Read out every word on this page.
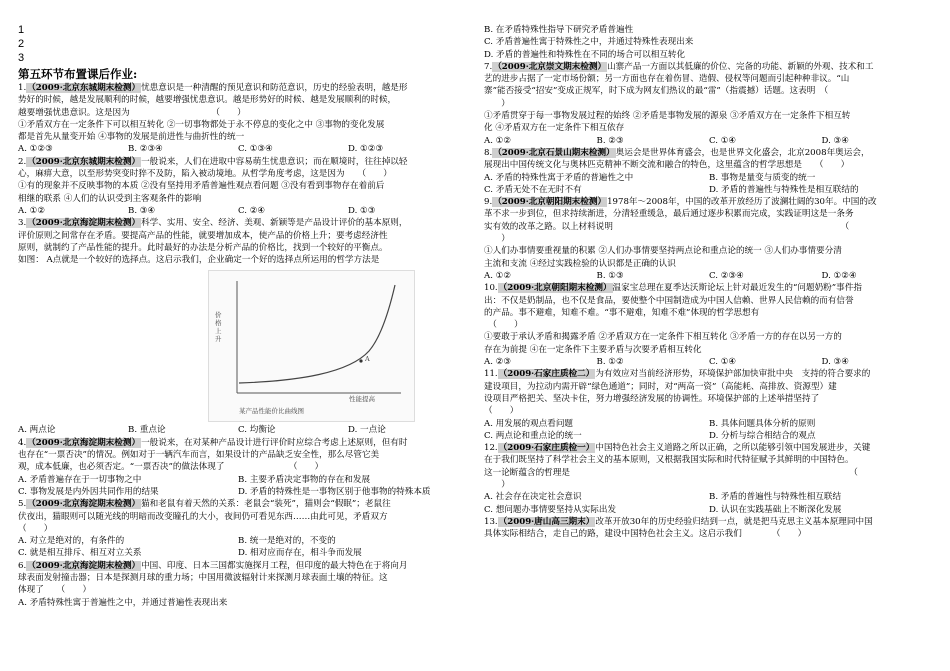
1
2
3
第五环节布置课后作业:
1.（2009·北京东城期末检测）忧患意识是一种清醒的预见意识和防范意识，历史的经验表明，越是形
势好的时候，越是发展顺利的时候，越要增强忧患意识。越是形势好的时候、越是发展顺利的时候，
越要增强忧患意识。这是因为　　　　　　　　　　（　　）
①矛盾双方在一定条件下可以相互转化 ②一切事物都处于永不停息的变化之中 ③事物的变化发展
都是首先从量变开始 ④事物的发展是前进性与曲折性的统一
A. ①②③	B. ②③④	C. ①③④	D. ①②③
2.（2009·北京东城期末检测）一般说来，人们在进取中容易萌生忧患意识；而在顺境时，往往掉以轻
心，麻痹大意，以至形势突变时猝不及防，陷入被动境地。从哲学角度考虑，这是因为　　（　　）
①有的现象并不反映事物的本质 ②没有坚持用矛盾普遍性观点看问题 ③没有看到事物存在着前后
相继的联系 ④人们的认识受到主客观条件的影响
A. ①②	B. ③④	C. ②④	D. ①③
3.（2009·北京海淀期末检测）科学、实用、安全、经济、美观、新颖等是产品设计评价的基本原则，
评价原则之间常存在矛盾。要提高产品的性能，就要增加成本，使产品的价格上升；要考虑经济性
原则，就制约了产品性能的提升。此时最好的办法是分析产品的价格比，找到一个较好的平衡点。
如图： A点就是一个较好的选择点。这启示我们，企业确定一个好的选择点所运用的哲学方法是
价格上升
性能提高
A
某产品性能价比曲线图
A. 两点论	B. 重点论	C. 均衡论	D. 一点论
4.（2009·北京海淀期末检测）一般说来，在对某种产品设计进行评价时应综合考虑上述原则，但有时
也存在“一票否决”的情况。例如对于一辆汽车而言，如果设计的产品缺乏安全性，那么尽管它美
观，成本低廉，也必须否定。“一票否决”的做法体现了　　　　　　　　（　　）
A. 矛盾普遍存在于一切事物之中	B. 主要矛盾决定事物的存在和发展
C. 事物发展是内外因共同作用的结果	D. 矛盾的特殊性是一事物区别于他事物的特殊本质
5.（2009·北京海淀期末检测）猫和老鼠有着天然的关系：老鼠会“装死”，猫则会“假眠”；老鼠往
伏夜出，猫眼则可以随光线的明暗而改变瞳孔的大小，夜间仍可看见东西……由此可见，矛盾双方
（　　）
A. 对立是绝对的，有条件的	B. 统一是绝对的，不变的
C. 就是相互排斥、相互对立关系	D. 相对应而存在，相斗争而发展
6.（2009·北京海淀期末检测）中国、印度、日本三国都实施探月工程，但印度的最大特色在于将向月
球表面发射撞击器；日本是探测月球的重力场；中国用微波辐射计来探测月球表面土壤的特征。这
体现了　　（　　）
A. 矛盾特殊性寓于普遍性之中，并通过普遍性表现出来
B. 在矛盾特殊性指导下研究矛盾普遍性
C. 矛盾普遍性寓于特殊性之中，并通过特殊性表现出来
D. 矛盾的普遍性和特殊性在不同的场合可以相互转化
7.（2009·北京崇文期末检测）山寨产品一方面以其低廉的价位、完备的功能、新颖的外观、技术和工
艺的进步占据了一定市场份额；另一方面也存在着伤冒、造假、侵权等问题而引起种种非议。“山
寨”能否接受“招安”变成正规军，时下成为网友们热议的最“雷”（指震撼）话题。这表明　（
　　）
①矛盾贯穿于每一事物发展过程的始终 ②矛盾是事物发展的源泉 ③矛盾双方在一定条件下相互转
化 ④矛盾双方在一定条件下相互依存
A. ①②	B. ②③	C. ①④	D. ③④
8.（2009·北京石景山期末检测）奥运会是世界体育盛会，也是世界文化盛会，北京2008年奥运会，
展现出中国传统文化与奥林匹克精神不断交流和融合的特色，这里蕴含的哲学思想是　　（　　）
A. 矛盾的特殊性寓于矛盾的普遍性之中	B. 事物是量变与质变的统一
C. 矛盾无处不在无时不有	D. 矛盾的普遍性与特殊性是相互联结的
9.（2009·北京朝阳期末检测）1978年～2008年，中国的改革开放经历了波澜壮阔的30年。中国的改
革不求一步到位，但求持续渐进，分清轻重缓急，最后通过逐步积累而完成，实践证明这是一条务
实有效的改革之路。以上材料说明　　　　　　　　　　　　　　　　　　　　　　　　　　　（
　　）
①人们办事情要重视量的积累 ②人们办事情要坚持两点论和重点论的统一 ③人们办事情要分清
主流和支流 ④经过实践检验的认识都是正确的认识
A. ①②	B. ①③	C. ②③④	D. ①②④
10.（2009·北京朝阳期末检测）温家宝总理在夏季达沃斯论坛上针对最近发生的“问题奶粉”事件指
出：不仅是奶制品，也不仅是食品，要使整个中国制造成为中国人信赖、世界人民信赖的而有信誉
的产品。事不避难，知难不难。“事不避难，知难不难”体现的哲学思想有
　（　　）
①要敢于承认矛盾和揭露矛盾 ②矛盾双方在一定条件下相互转化 ③矛盾一方的存在以另一方的
存在为前提 ④在一定条件下主要矛盾与次要矛盾相互转化
A. ②③	B. ①②	C. ①④	D. ③④
11.（2009·石家庄质检二）为有效应对当前经济形势，环境保护部加快审批中央　支持的符合要求的
建设项目，为拉动内需开辟“绿色通道”；同时，对“两高一资”（高能耗、高排放、资源型）建
设项目严格把关、坚决卡住，努力增强经济发展的协调性。环境保护部的上述举措坚持了
（　　）
A. 用发展的观点看问题	B. 具体问题具体分析的原则
C. 两点论和重点论的统一	D. 分析与综合相结合的观点
12.（2009·石家庄质检一）中国特色社会主义道路之所以正确，之所以能够引领中国发展进步，关键
在于我们既坚持了科学社会主义的基本原则，又根据我国实际和时代特征赋予其鲜明的中国特色。
这一论断蕴含的哲理是　　　　　　　　　　　　　　　　　　　　　　　　　　　　　　　　　（
　　）
A. 社会存在决定社会意识	B. 矛盾的普遍性与特殊性相互联结
C. 想问题办事情要坚持从实际出发	D. 认识在实践基础上不断深化发展
13.（2009·唐山高三期末）改革开放30年的历史经验归结到一点，就是把马克思主义基本原理同中国
具体实际相结合，走自己的路，建设中国特色社会主义。这启示我们　　　　（　　）
